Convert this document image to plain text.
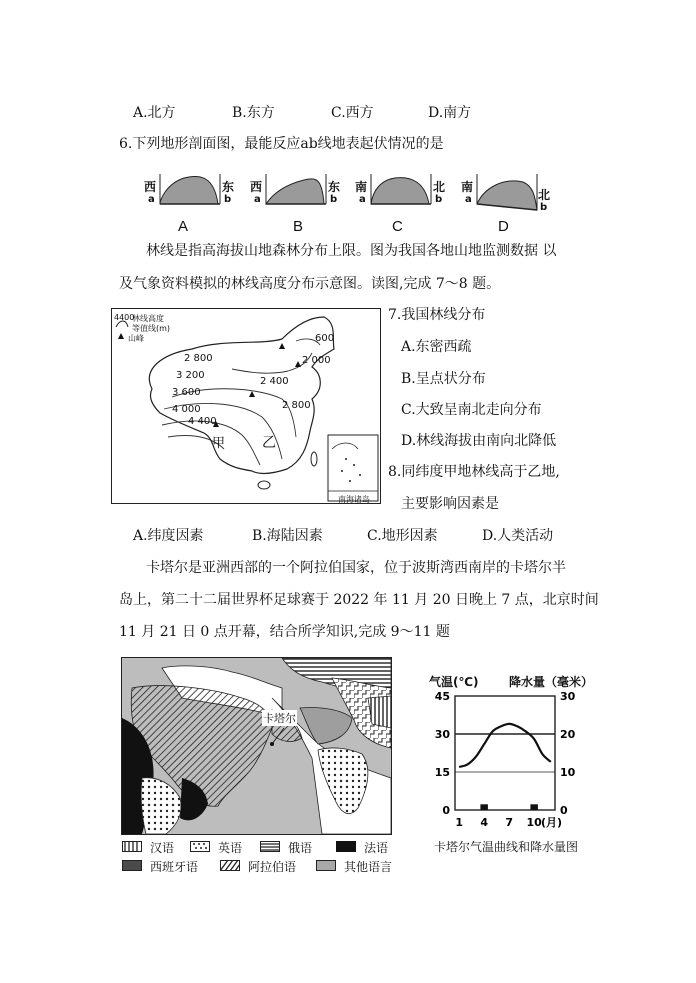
A.北方	B.东方	C.西方	D.南方
6.下列地形剖面图，最能反应ab线地表起伏情况的是
西
a
东
b
A
西
a
东
b
B
南
a
北
b
C
南
a	北
b
D
林线是指高海拔山地森林分布上限。图为我国各地山地监测数据 以
及气象资料模拟的林线高度分布示意图。读图,完成 7～8 题。
4400
林线高度
等值线(m)
山峰	600
2 800	2 000
3 200
2 400
3 600
2 800
4 000
4 400
甲	乙
南海诸岛
7.我国林线分布
A.东密西疏
B.呈点状分布
C.大致呈南北走向分布
D.林线海拔由南向北降低
8.同纬度甲地林线高于乙地,
主要影响因素是
A.纬度因素	B.海陆因素	C.地形因素	D.人类活动
卡塔尔是亚洲西部的一个阿拉伯国家，位于波斯湾西南岸的卡塔尔半
岛上，第二十二届世界杯足球赛于 2022 年 11 月 20 日晚上 7 点，北京时间
11 月 21 日 0 点开幕，结合所学知识,完成 9～11 题
卡塔尔
汉语	英语	俄语	法语
西班牙语	阿拉伯语	其他语言
气温(℃)	降水量（毫米）
45
30
15
0
30
20
10
0
1 4 7 10 (月)
卡塔尔气温曲线和降水量图
